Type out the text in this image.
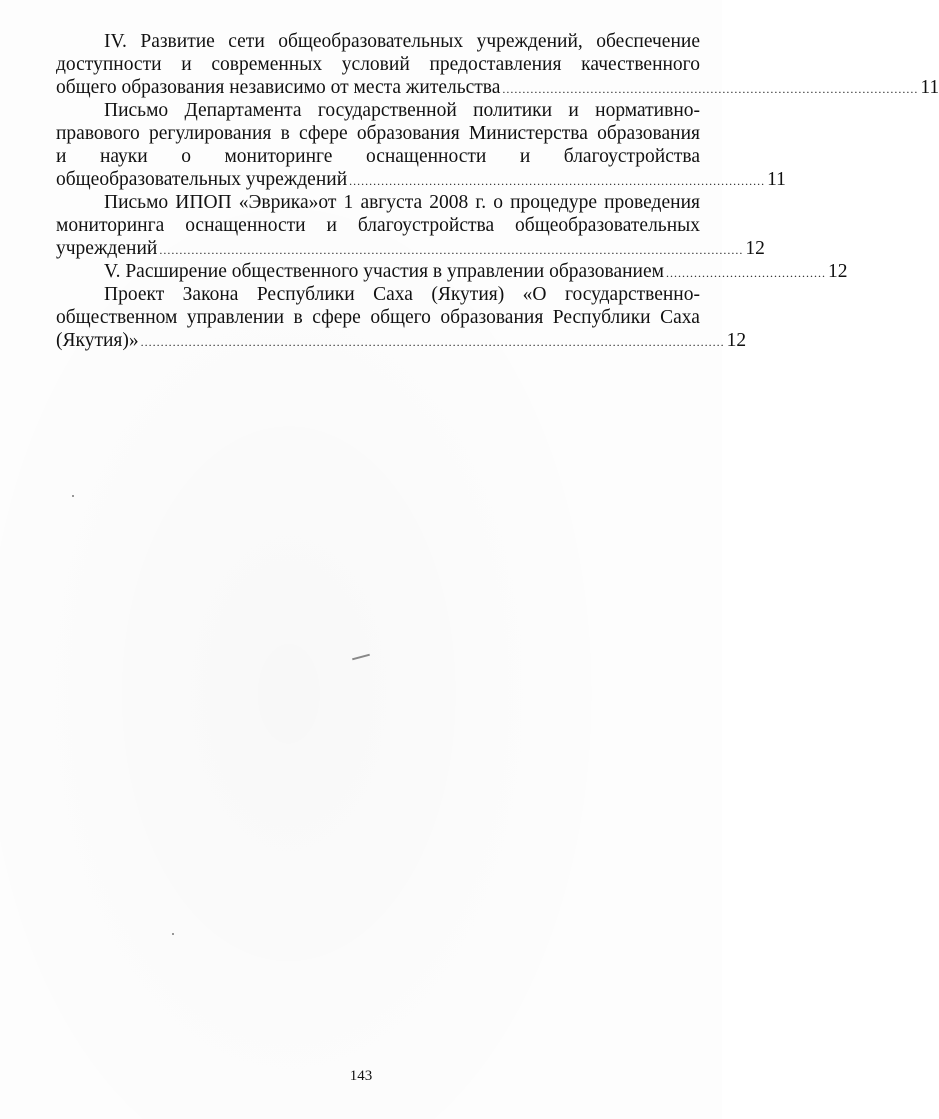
IV. Развитие сети общеобразовательных учреждений, обеспечение
доступности и современных условий предоставления качественного
общего образования независимо от места жительства ........................................................................................................ 11
Письмо Департамента государственной политики и нормативно-
правового регулирования в сфере образования Министерства образования
и науки о мониторинге оснащенности и благоустройства
общеобразовательных учреждений ........................................................................................................ 11
Письмо ИПОП «Эврика»от 1 августа 2008 г. о процедуре проведения
мониторинга оснащенности и благоустройства общеобразовательных
учреждений .................................................................................................................................................. 12
V. Расширение общественного участия в управлении образованием ........................................ 12
Проект Закона Республики Саха (Якутия) «О государственно-
общественном управлении в сфере общего образования Республики Саха
(Якутия)» .................................................................................................................................................. 12
143
